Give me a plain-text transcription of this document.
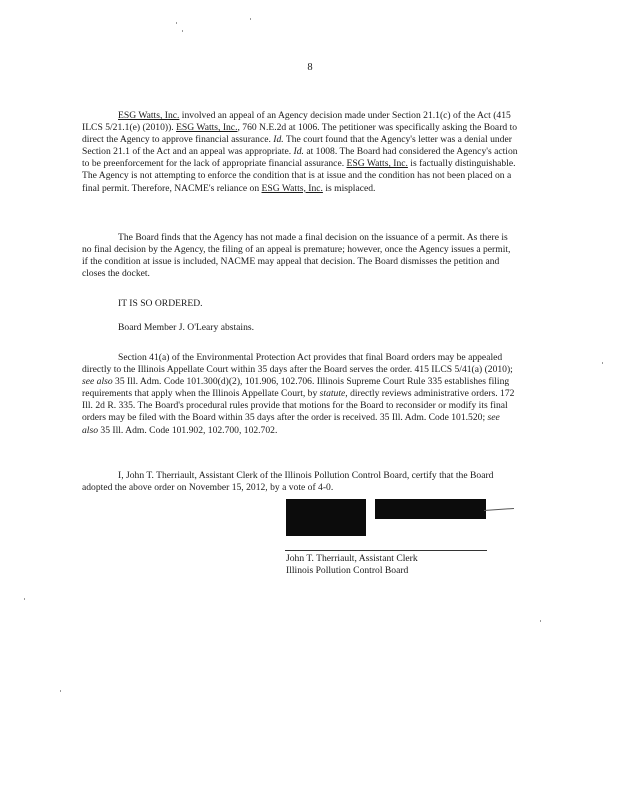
8

ESG Watts, Inc. involved an appeal of an Agency decision made under Section 21.1(c) of the Act (415 ILCS 5/21.1(e) (2010)). ESG Watts, Inc., 760 N.E.2d at 1006. The petitioner was specifically asking the Board to direct the Agency to approve financial assurance. Id. The court found that the Agency's letter was a denial under Section 21.1 of the Act and an appeal was appropriate. Id. at 1008. The Board had considered the Agency's action to be preenforcement for the lack of appropriate financial assurance. ESG Watts, Inc. is factually distinguishable. The Agency is not attempting to enforce the condition that is at issue and the condition has not been placed on a final permit. Therefore, NACME's reliance on ESG Watts, Inc. is misplaced.

The Board finds that the Agency has not made a final decision on the issuance of a permit. As there is no final decision by the Agency, the filing of an appeal is premature; however, once the Agency issues a permit, if the condition at issue is included, NACME may appeal that decision. The Board dismisses the petition and closes the docket.

IT IS SO ORDERED.

Board Member J. O'Leary abstains.

Section 41(a) of the Environmental Protection Act provides that final Board orders may be appealed directly to the Illinois Appellate Court within 35 days after the Board serves the order. 415 ILCS 5/41(a) (2010); see also 35 Ill. Adm. Code 101.300(d)(2), 101.906, 102.706. Illinois Supreme Court Rule 335 establishes filing requirements that apply when the Illinois Appellate Court, by statute, directly reviews administrative orders. 172 Ill. 2d R. 335. The Board's procedural rules provide that motions for the Board to reconsider or modify its final orders may be filed with the Board within 35 days after the order is received. 35 Ill. Adm. Code 101.520; see also 35 Ill. Adm. Code 101.902, 102.700, 102.702.

I, John T. Therriault, Assistant Clerk of the Illinois Pollution Control Board, certify that the Board adopted the above order on November 15, 2012, by a vote of 4-0.

John T. Therriault, Assistant Clerk
Illinois Pollution Control Board
